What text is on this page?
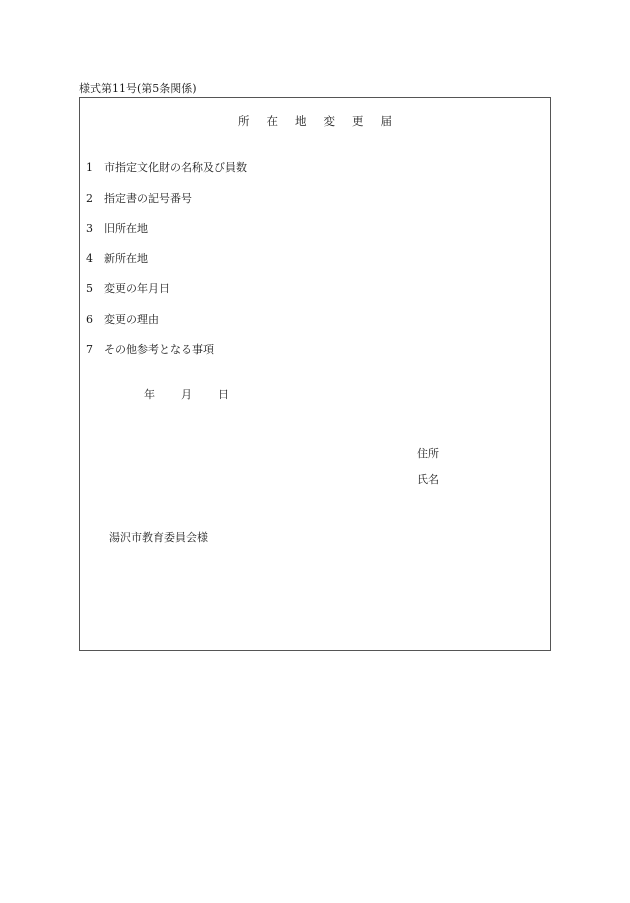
様式第11号(第5条関係)
所在地変更届
1 市指定文化財の名称及び員数
2 指定書の記号番号
3 旧所在地
4 新所在地
5 変更の年月日
6 変更の理由
7 その他参考となる事項
年 月 日
住所
氏名
湯沢市教育委員会様
